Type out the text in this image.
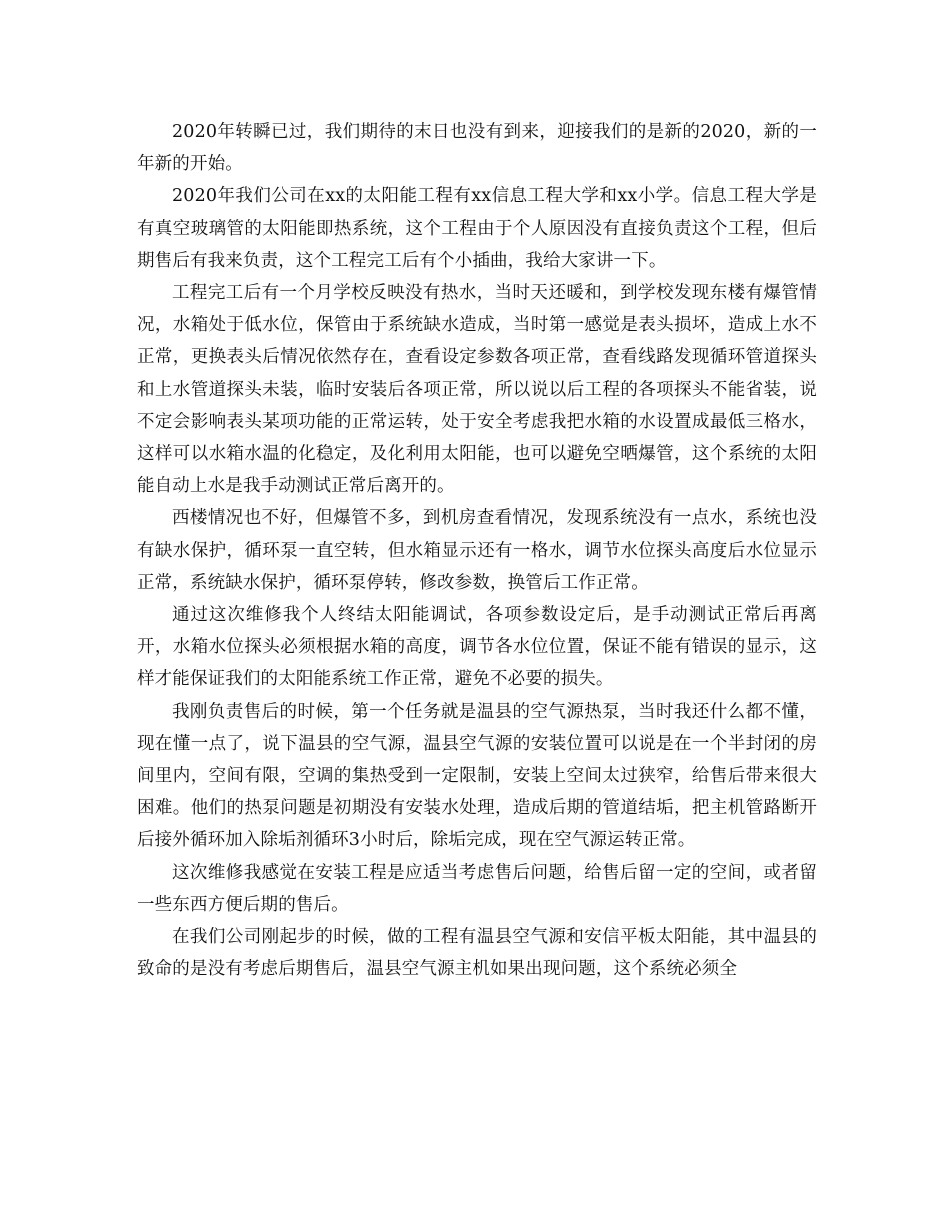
2020年转瞬已过，我们期待的末日也没有到来，迎接我们的是新的2020，新的一年新的开始。

2020年我们公司在xx的太阳能工程有xx信息工程大学和xx小学。信息工程大学是有真空玻璃管的太阳能即热系统，这个工程由于个人原因没有直接负责这个工程，但后期售后有我来负责，这个工程完工后有个小插曲，我给大家讲一下。

工程完工后有一个月学校反映没有热水，当时天还暖和，到学校发现东楼有爆管情况，水箱处于低水位，保管由于系统缺水造成，当时第一感觉是表头损坏，造成上水不正常，更换表头后情况依然存在，查看设定参数各项正常，查看线路发现循环管道探头和上水管道探头未装，临时安装后各项正常，所以说以后工程的各项探头不能省装，说不定会影响表头某项功能的正常运转，处于安全考虑我把水箱的水设置成最低三格水，这样可以水箱水温的化稳定，及化利用太阳能，也可以避免空晒爆管，这个系统的太阳能自动上水是我手动测试正常后离开的。

西楼情况也不好，但爆管不多，到机房查看情况，发现系统没有一点水，系统也没有缺水保护，循环泵一直空转，但水箱显示还有一格水，调节水位探头高度后水位显示正常，系统缺水保护，循环泵停转，修改参数，换管后工作正常。

通过这次维修我个人终结太阳能调试，各项参数设定后，是手动测试正常后再离开，水箱水位探头必须根据水箱的高度，调节各水位位置，保证不能有错误的显示，这样才能保证我们的太阳能系统工作正常，避免不必要的损失。

我刚负责售后的时候，第一个任务就是温县的空气源热泵，当时我还什么都不懂，现在懂一点了，说下温县的空气源，温县空气源的安装位置可以说是在一个半封闭的房间里内，空间有限，空调的集热受到一定限制，安装上空间太过狭窄，给售后带来很大困难。他们的热泵问题是初期没有安装水处理，造成后期的管道结垢，把主机管路断开后接外循环加入除垢剂循环3小时后，除垢完成，现在空气源运转正常。

这次维修我感觉在安装工程是应适当考虑售后问题，给售后留一定的空间，或者留一些东西方便后期的售后。

在我们公司刚起步的时候，做的工程有温县空气源和安信平板太阳能，其中温县的致命的是没有考虑后期售后，温县空气源主机如果出现问题，这个系统必须全
